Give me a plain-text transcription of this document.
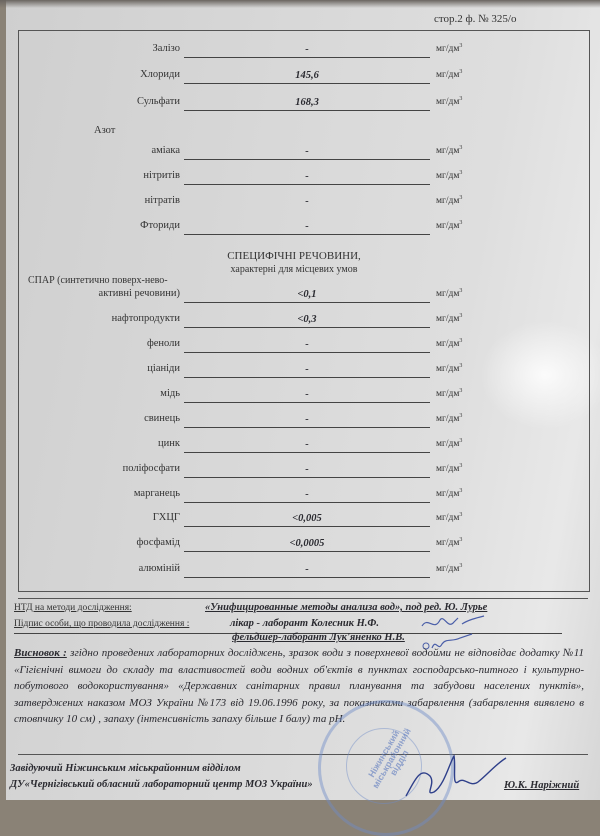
стор.2 ф. № 325/о
Залізо	-	$мг/дм^3$
Хлориди	145,6	$мг/дм^3$
Сульфати	168,3	$мг/дм^3$
Азот
аміака	-	$мг/дм^3$
нітритів	-	$мг/дм^3$
нітратів	-	$мг/дм^3$
Фториди	-	$мг/дм^3$
СПЕЦИФІЧНІ РЕЧОВИНИ,
характерні для місцевих умов
СПАР (синтетично поверх-нево-
активні речовини)	<0,1	$мг/дм^3$
нафтопродукти	<0,3	$мг/дм^3$
феноли	-	$мг/дм^3$
ціаніди	-	$мг/дм^3$
мідь	-	$мг/дм^3$
свинець	-	$мг/дм^3$
цинк	-	$мг/дм^3$
поліфосфати	-	$мг/дм^3$
марганець	-	$мг/дм^3$
ГХЦГ	<0,005	$мг/дм^3$
фосфамід	<0,0005	$мг/дм^3$
алюміній	-	$мг/дм^3$
НТД на методи дослідження:	«Унифицированные методы анализа вод», под ред. Ю. Лурье
Підпис особи, що проводила дослідження :	лікар - лаборант Колесник Н.Ф.
фельдшер-лаборант Лук'яненко Н.В.
Висновок : згідно проведених лабораторних досліджень, зразок води з поверхневої водойми не відповідає додатку №11 «Гігієнічні вимоги до складу та властивостей води водних об'єктів в пунктах господарсько-питного і культурно-побутового водокористування» «Державних санітарних правил планування та забудови населених пунктів», затверджених наказом МОЗ України №173 від 19.06.1996 року, за показниками забарвлення (забарвлення виявлено в стовпчику 10 см) , запаху (інтенсивність запаху більше І балу) та pH.
Ніжинський міськрайонний відділ
Завідуючий Ніжинським міськрайонним відділом
ДУ«Чернігівський обласний лабораторний центр МОЗ України»	Ю.К. Наріжний
